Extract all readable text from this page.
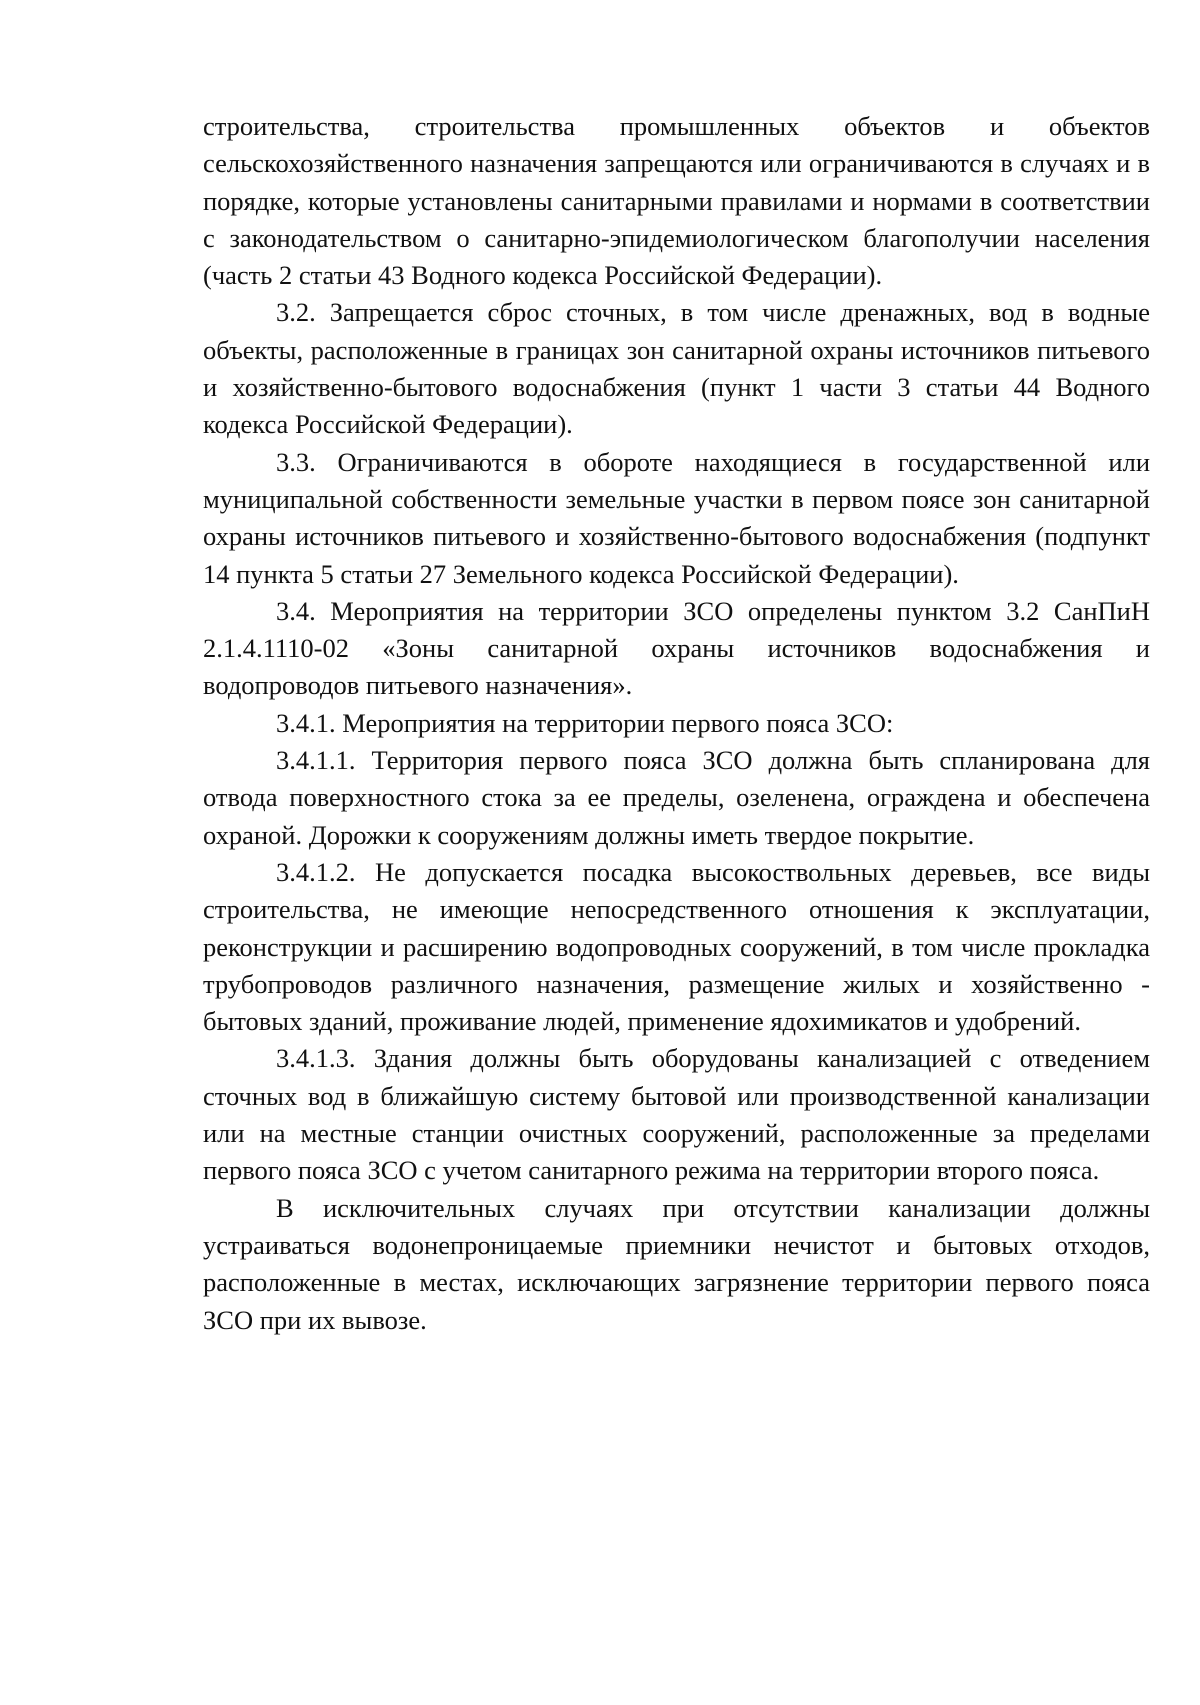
строительства, строительства промышленных объектов и объектов сельскохозяйственного назначения запрещаются или ограничиваются в случаях и в порядке, которые установлены санитарными правилами и нормами в соответствии с законодательством о санитарно-эпидемиологическом благополучии населения (часть 2 статьи 43 Водного кодекса Российской Федерации).

3.2. Запрещается сброс сточных, в том числе дренажных, вод в водные объекты, расположенные в границах зон санитарной охраны источников питьевого и хозяйственно-бытового водоснабжения (пункт 1 части 3 статьи 44 Водного кодекса Российской Федерации).

3.3. Ограничиваются в обороте находящиеся в государственной или муниципальной собственности земельные участки в первом поясе зон санитарной охраны источников питьевого и хозяйственно-бытового водоснабжения (подпункт 14 пункта 5 статьи 27 Земельного кодекса Российской Федерации).

3.4. Мероприятия на территории ЗСО определены пунктом 3.2 СанПиН 2.1.4.1110-02 «Зоны санитарной охраны источников водоснабжения и водопроводов питьевого назначения».

3.4.1. Мероприятия на территории первого пояса ЗСО:

3.4.1.1. Территория первого пояса ЗСО должна быть спланирована для отвода поверхностного стока за ее пределы, озеленена, ограждена и обеспечена охраной. Дорожки к сооружениям должны иметь твердое покрытие.

3.4.1.2. Не допускается посадка высокоствольных деревьев, все виды строительства, не имеющие непосредственного отношения к эксплуатации, реконструкции и расширению водопроводных сооружений, в том числе прокладка трубопроводов различного назначения, размещение жилых и хозяйственно - бытовых зданий, проживание людей, применение ядохимикатов и удобрений.

3.4.1.3. Здания должны быть оборудованы канализацией с отведением сточных вод в ближайшую систему бытовой или производственной канализации или на местные станции очистных сооружений, расположенные за пределами первого пояса ЗСО с учетом санитарного режима на территории второго пояса.

В исключительных случаях при отсутствии канализации должны устраиваться водонепроницаемые приемники нечистот и бытовых отходов, расположенные в местах, исключающих загрязнение территории первого пояса ЗСО при их вывозе.
